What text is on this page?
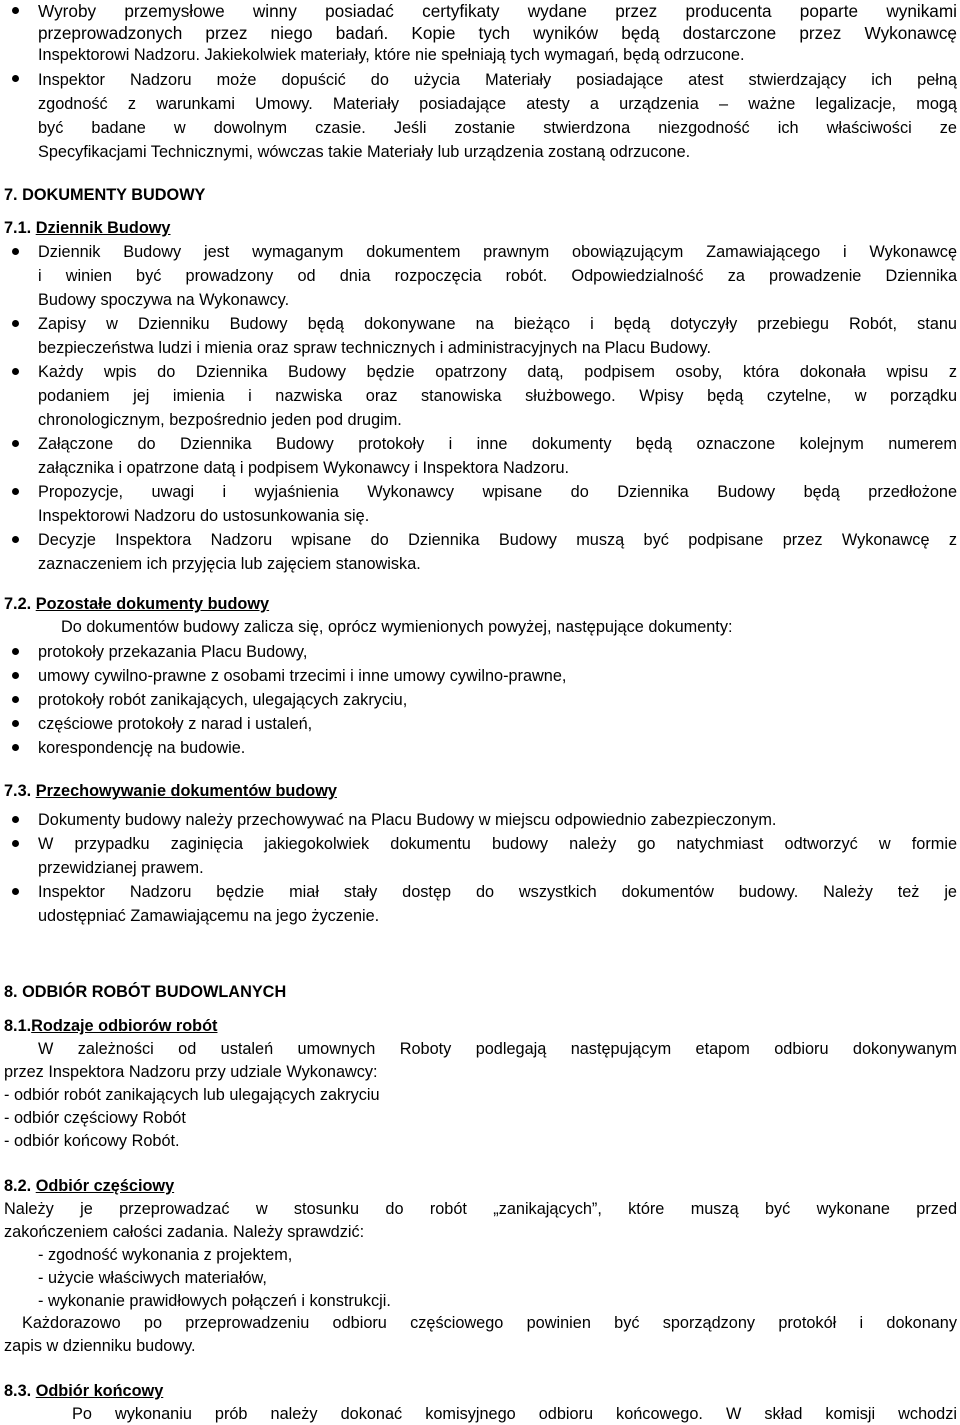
Wyroby przemysłowe winny posiadać certyfikaty wydane przez producenta poparte wynikami
przeprowadzonych przez niego badań. Kopie tych wyników będą dostarczone przez Wykonawcę
Inspektorowi Nadzoru. Jakiekolwiek materiały, które nie spełniają tych wymagań, będą odrzucone.
Inspektor Nadzoru może dopuścić do użycia Materiały posiadające atest stwierdzający ich pełną
zgodność z warunkami Umowy. Materiały posiadające atesty a urządzenia – ważne legalizacje, mogą
być badane w dowolnym czasie. Jeśli zostanie stwierdzona niezgodność ich właściwości ze
Specyfikacjami Technicznymi, wówczas takie Materiały lub urządzenia zostaną odrzucone.
7. DOKUMENTY BUDOWY
7.1. Dziennik Budowy
Dziennik Budowy jest wymaganym dokumentem prawnym obowiązującym Zamawiającego i Wykonawcę
i winien być prowadzony od dnia rozpoczęcia robót. Odpowiedzialność za prowadzenie Dziennika
Budowy spoczywa na Wykonawcy.
Zapisy w Dzienniku Budowy będą dokonywane na bieżąco i będą dotyczyły przebiegu Robót, stanu
bezpieczeństwa ludzi i mienia oraz spraw technicznych i administracyjnych na Placu Budowy.
Każdy wpis do Dziennika Budowy będzie opatrzony datą, podpisem osoby, która dokonała wpisu z
podaniem jej imienia i nazwiska oraz stanowiska służbowego. Wpisy będą czytelne, w porządku
chronologicznym, bezpośrednio jeden pod drugim.
Załączone do Dziennika Budowy protokoły i inne dokumenty będą oznaczone kolejnym numerem
załącznika i opatrzone datą i podpisem Wykonawcy i Inspektora Nadzoru.
Propozycje, uwagi i wyjaśnienia Wykonawcy wpisane do Dziennika Budowy będą przedłożone
Inspektorowi Nadzoru do ustosunkowania się.
Decyzje Inspektora Nadzoru wpisane do Dziennika Budowy muszą być podpisane przez Wykonawcę z
zaznaczeniem ich przyjęcia lub zajęciem stanowiska.
7.2. Pozostałe dokumenty budowy
Do dokumentów budowy zalicza się, oprócz wymienionych powyżej, następujące dokumenty:
protokoły przekazania Placu Budowy,
umowy cywilno-prawne z osobami trzecimi i inne umowy cywilno-prawne,
protokoły robót zanikających, ulegających zakryciu,
częściowe protokoły z narad i ustaleń,
korespondencję na budowie.
7.3. Przechowywanie dokumentów budowy
Dokumenty budowy należy przechowywać na Placu Budowy w miejscu odpowiednio zabezpieczonym.
W przypadku zaginięcia jakiegokolwiek dokumentu budowy należy go natychmiast odtworzyć w formie
przewidzianej prawem.
Inspektor Nadzoru będzie miał stały dostęp do wszystkich dokumentów budowy. Należy też je
udostępniać Zamawiającemu na jego życzenie.
8. ODBIÓR ROBÓT BUDOWLANYCH
8.1.Rodzaje odbiorów robót
W zależności od ustaleń umownych Roboty podlegają następującym etapom odbioru dokonywanym
przez Inspektora Nadzoru przy udziale Wykonawcy:
- odbiór robót zanikających lub ulegających zakryciu
- odbiór częściowy Robót
- odbiór końcowy Robót.
8.2. Odbiór częściowy
Należy je przeprowadzać w stosunku do robót „zanikających”, które muszą być wykonane przed
zakończeniem całości zadania. Należy sprawdzić:
- zgodność wykonania z projektem,
- użycie właściwych materiałów,
- wykonanie prawidłowych połączeń i konstrukcji.
Każdorazowo po przeprowadzeniu odbioru częściowego powinien być sporządzony protokół i dokonany
zapis w dzienniku budowy.
8.3. Odbiór końcowy
Po wykonaniu prób należy dokonać komisyjnego odbioru końcowego. W skład komisji wchodzi
